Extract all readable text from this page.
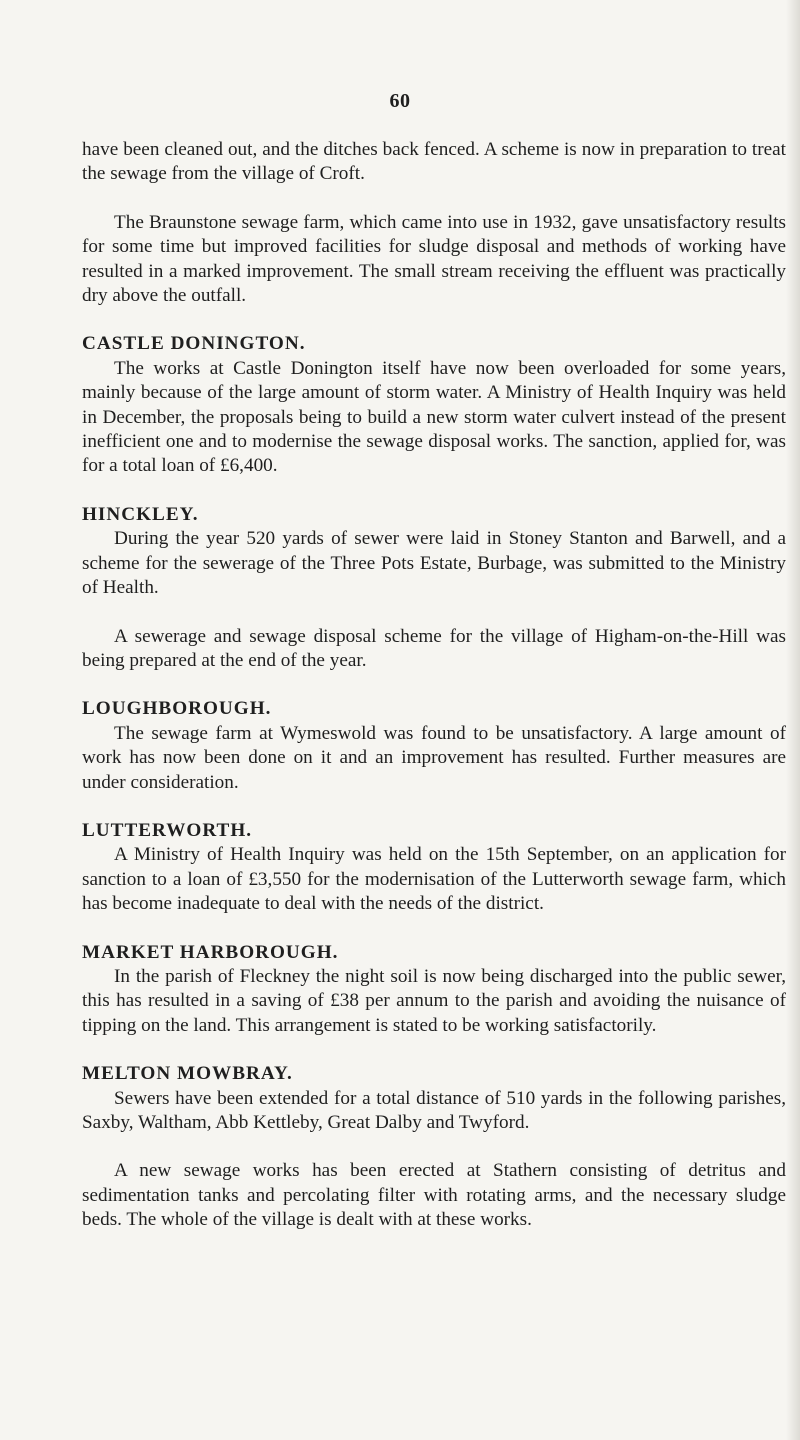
60

have been cleaned out, and the ditches back fenced. A scheme is now in preparation to treat the sewage from the village of Croft.

The Braunstone sewage farm, which came into use in 1932, gave unsatisfactory results for some time but improved facilities for sludge disposal and methods of working have resulted in a marked improvement. The small stream receiving the effluent was practically dry above the outfall.

CASTLE DONINGTON.

The works at Castle Donington itself have now been overloaded for some years, mainly because of the large amount of storm water. A Ministry of Health Inquiry was held in December, the proposals being to build a new storm water culvert instead of the present inefficient one and to modernise the sewage disposal works. The sanction, applied for, was for a total loan of £6,400.

HINCKLEY.

During the year 520 yards of sewer were laid in Stoney Stanton and Barwell, and a scheme for the sewerage of the Three Pots Estate, Burbage, was submitted to the Ministry of Health.

A sewerage and sewage disposal scheme for the village of Higham-on-the-Hill was being prepared at the end of the year.

LOUGHBOROUGH.

The sewage farm at Wymeswold was found to be unsatisfactory. A large amount of work has now been done on it and an improvement has resulted. Further measures are under consideration.

LUTTERWORTH.

A Ministry of Health Inquiry was held on the 15th September, on an application for sanction to a loan of £3,550 for the modernisation of the Lutterworth sewage farm, which has become inadequate to deal with the needs of the district.

MARKET HARBOROUGH.

In the parish of Fleckney the night soil is now being discharged into the public sewer, this has resulted in a saving of £38 per annum to the parish and avoiding the nuisance of tipping on the land. This arrangement is stated to be working satisfactorily.

MELTON MOWBRAY.

Sewers have been extended for a total distance of 510 yards in the following parishes, Saxby, Waltham, Abb Kettleby, Great Dalby and Twyford.

A new sewage works has been erected at Stathern consisting of detritus and sedimentation tanks and percolating filter with rotating arms, and the necessary sludge beds. The whole of the village is dealt with at these works.
